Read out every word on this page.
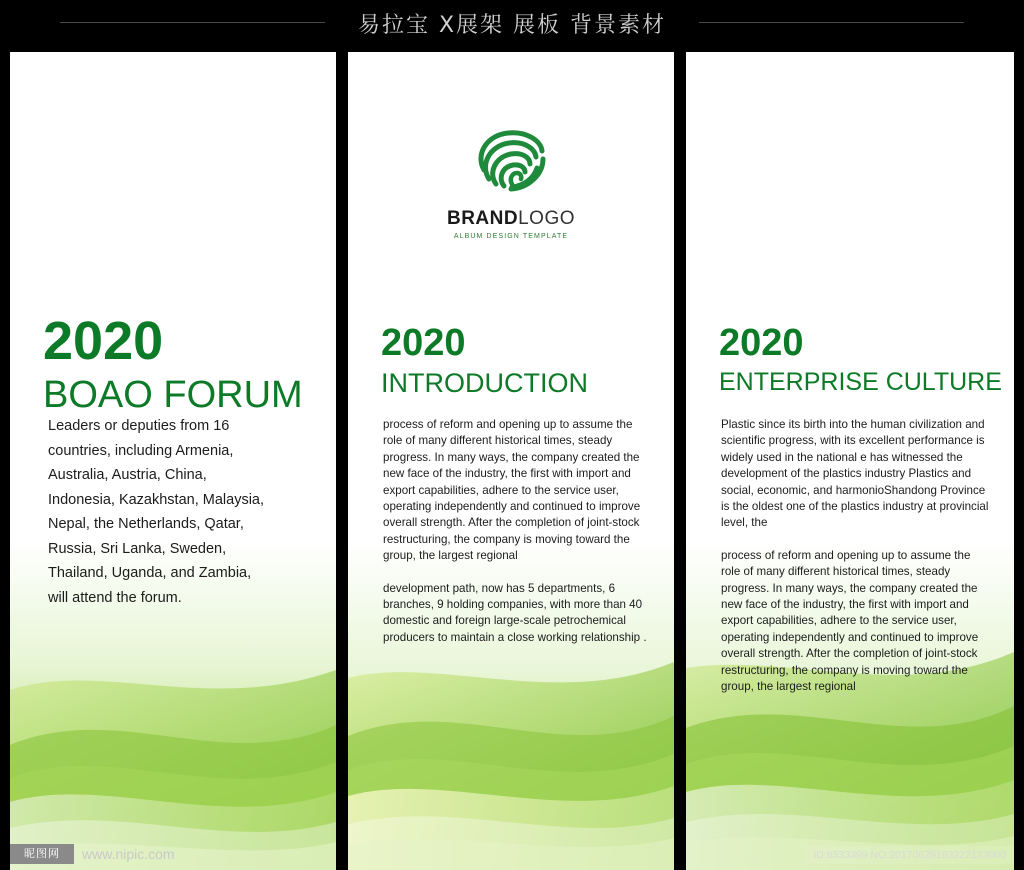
易拉宝 X展架 展板 背景素材
2020
BOAO FORUM
Leaders or deputies from 16
countries, including Armenia,
Australia, Austria, China,
Indonesia, Kazakhstan, Malaysia,
Nepal, the Netherlands, Qatar,
Russia, Sri Lanka, Sweden,
Thailand, Uganda, and Zambia,
will attend the forum.
BRANDLOGO
ALBUM DESIGN TEMPLATE
2020
INTRODUCTION
process of reform and opening up to assume the role of many different historical times, steady progress. In many ways, the company created the new face of the industry, the first with import and export capabilities, adhere to the service user, operating independently and continued to improve overall strength. After the completion of joint-stock restructuring, the company is moving toward the group, the largest regional
development path, now has 5 departments, 6 branches, 9 holding companies, with more than 40 domestic and foreign large-scale petrochemical producers to maintain a close working relationship .
2020
ENTERPRISE CULTURE
Plastic since its birth into the human civilization and scientific progress, with its excellent performance is widely used in the national e has witnessed the development of the plastics industry Plastics and social, economic, and harmonioShandong Province is the oldest one of the plastics industry at provincial level, the
process of reform and opening up to assume the role of many different historical times, steady progress. In many ways, the company created the new face of the industry, the first with import and export capabilities, adhere to the service user, operating independently and continued to improve overall strength. After the completion of joint-stock restructuring, the company is moving toward the group, the largest regional
昵图网	www.nipic.com	ID:8533399 NO:20170629193222123000
